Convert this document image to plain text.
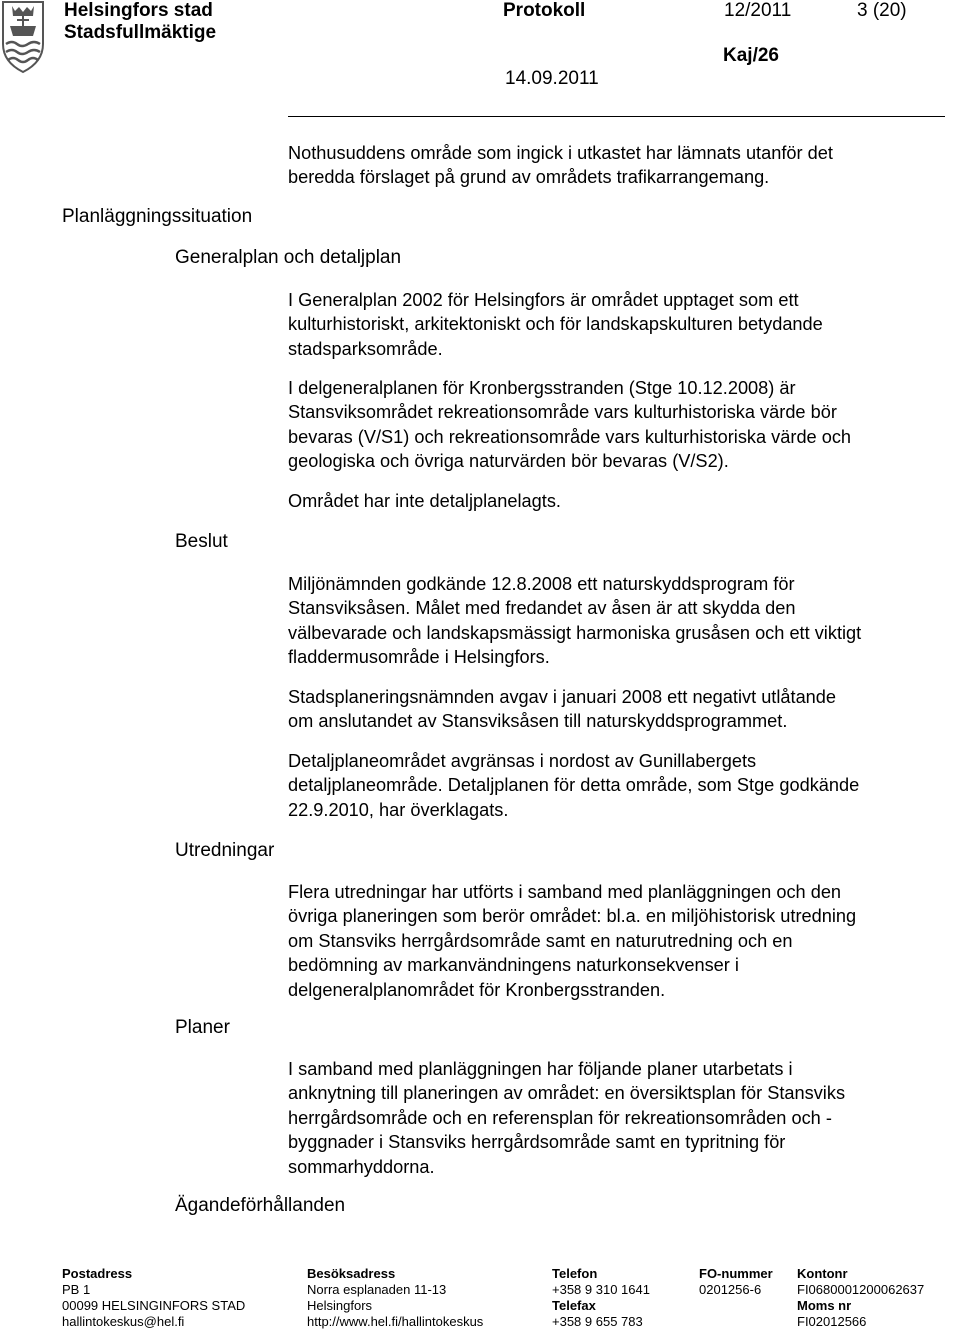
Helsingfors stad
Stadsfullmäktige
Protokoll	12/2011	3 (20)
Kaj/26
14.09.2011
Nothusuddens område som ingick i utkastet har lämnats utanför det
beredda förslaget på grund av områdets trafikarrangemang.
Planläggningssituation
Generalplan och detaljplan
I Generalplan 2002 för Helsingfors är området upptaget som ett
kulturhistoriskt, arkitektoniskt och för landskapskulturen betydande
stadsparksområde.
I delgeneralplanen för Kronbergsstranden (Stge 10.12.2008) är
Stansviksområdet rekreationsområde vars kulturhistoriska värde bör
bevaras (V/S1) och rekreationsområde vars kulturhistoriska värde och
geologiska och övriga naturvärden bör bevaras (V/S2).
Området har inte detaljplanelagts.
Beslut
Miljönämnden godkände 12.8.2008 ett naturskyddsprogram för
Stansviksåsen. Målet med fredandet av åsen är att skydda den
välbevarade och landskapsmässigt harmoniska grusåsen och ett viktigt
fladdermusområde i Helsingfors.
Stadsplaneringsnämnden avgav i januari 2008 ett negativt utlåtande
om anslutandet av Stansviksåsen till naturskyddsprogrammet.
Detaljplaneområdet avgränsas i nordost av Gunillabergets
detaljplaneområde. Detaljplanen för detta område, som Stge godkände
22.9.2010, har överklagats.
Utredningar
Flera utredningar har utförts i samband med planläggningen och den
övriga planeringen som berör området: bl.a. en miljöhistorisk utredning
om Stansviks herrgårdsområde samt en naturutredning och en
bedömning av markanvändningens naturkonsekvenser i
delgeneralplanområdet för Kronbergsstranden.
Planer
I samband med planläggningen har följande planer utarbetats i
anknytning till planeringen av området: en översiktsplan för Stansviks
herrgårdsområde och en referensplan för rekreationsområden och -
byggnader i Stansviks herrgårdsområde samt en typritning för
sommarhyddorna.
Ägandeförhållanden
Postadress
PB 1
00099 HELSINGINFORS STAD
hallintokeskus@hel.fi
Besöksadress
Norra esplanaden 11-13
Helsingfors
http://www.hel.fi/hallintokeskus
Telefon
+358 9 310 1641
Telefax
+358 9 655 783
FO-nummer
0201256-6
Kontonr
FI0680001200062637
Moms nr
FI02012566
